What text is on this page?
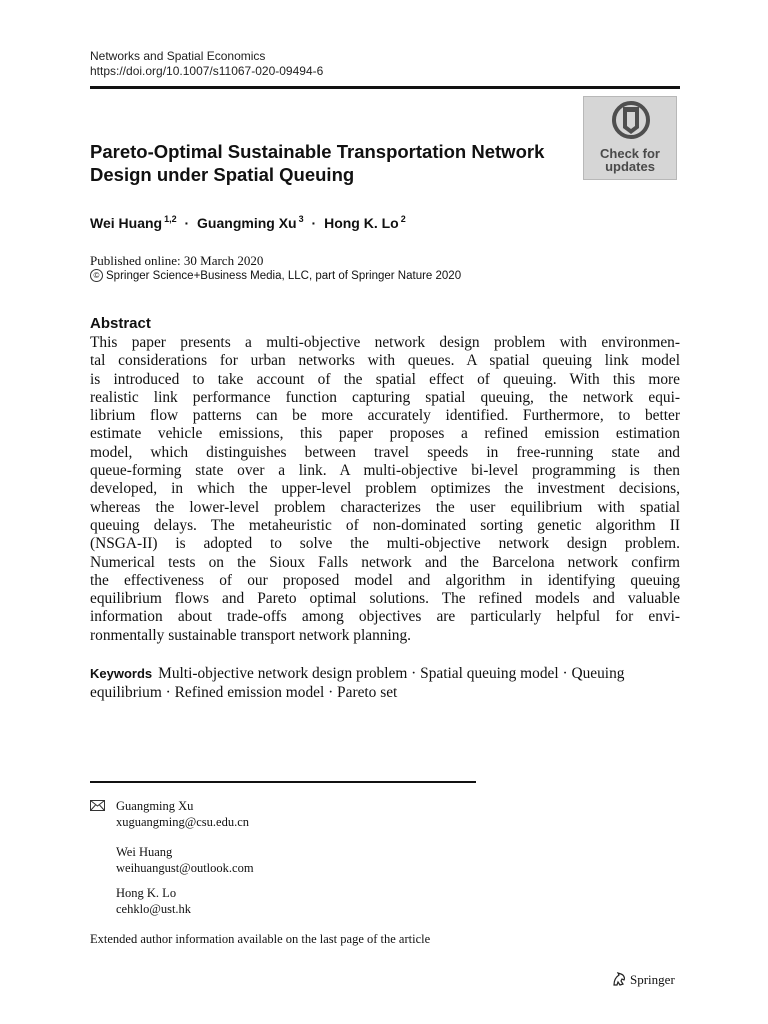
Networks and Spatial Economics
https://doi.org/10.1007/s11067-020-09494-6
Check for
updates
Pareto-Optimal Sustainable Transportation Network
Design under Spatial Queuing
Wei Huang $^{1,2}$ · Guangming Xu $^3$ · Hong K. Lo $^2$
Published online: 30 March 2020
© Springer Science+Business Media, LLC, part of Springer Nature 2020
Abstract
This paper presents a multi-objective network design problem with environmen-
tal considerations for urban networks with queues. A spatial queuing link model
is introduced to take account of the spatial effect of queuing. With this more
realistic link performance function capturing spatial queuing, the network equi-
librium flow patterns can be more accurately identified. Furthermore, to better
estimate vehicle emissions, this paper proposes a refined emission estimation
model, which distinguishes between travel speeds in free-running state and
queue-forming state over a link. A multi-objective bi-level programming is then
developed, in which the upper-level problem optimizes the investment decisions,
whereas the lower-level problem characterizes the user equilibrium with spatial
queuing delays. The metaheuristic of non-dominated sorting genetic algorithm II
(NSGA-II) is adopted to solve the multi-objective network design problem.
Numerical tests on the Sioux Falls network and the Barcelona network confirm
the effectiveness of our proposed model and algorithm in identifying queuing
equilibrium flows and Pareto optimal solutions. The refined models and valuable
information about trade-offs among objectives are particularly helpful for envi-
ronmentally sustainable transport network planning.
Keywords Multi-objective network design problem · Spatial queuing model · Queuing
equilibrium · Refined emission model · Pareto set
Guangming Xu
xuguangming@csu.edu.cn
Wei Huang
weihuangust@outlook.com
Hong K. Lo
cehklo@ust.hk
Extended author information available on the last page of the article
Springer
